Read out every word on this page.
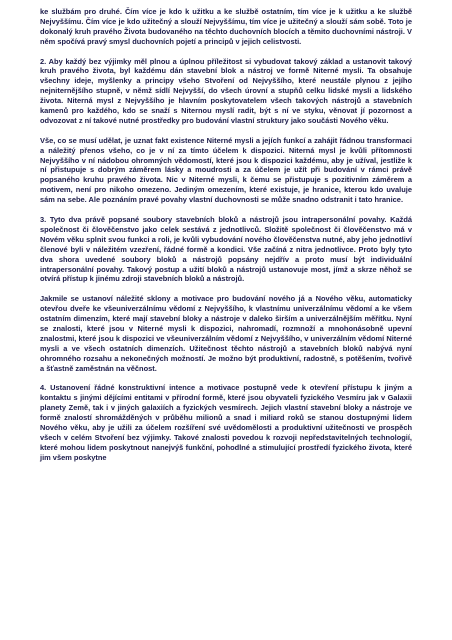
ke službám pro druhé. Čím více je kdo k užitku a ke službě ostatním, tím více je k užitku a ke službě Nejvyššímu. Čím více je kdo užitečný a slouží Nejvyššímu, tím více je užitečný a slouží sám sobě. Toto je dokonalý kruh pravého Života budovaného na těchto duchovních blocích a těmito duchovními nástroji. V něm spočívá pravý smysl duchovních pojetí a principů v jejich celistvosti.

2. Aby každý bez výjimky měl plnou a úplnou příležitost si vybudovat takový základ a ustanovit takový kruh pravého života, byl každému dán stavební blok a nástroj ve formě Niterné mysli. Ta obsahuje všechny ideje, myšlenky a principy všeho Stvoření od Nejvyššího, které neustále plynou z jejího nejniternějšího stupně, v němž sídlí Nejvyšší, do všech úrovní a stupňů celku lidské mysli a lidského života. Niterná mysl z Nejvyššího je hlavním poskytovatelem všech takových nástrojů a stavebních kamenů pro každého, kdo se snaží s Niternou myslí radit, být s ní ve styku, věnovat jí pozornost a odvozovat z ní takové nutné prostředky pro budování vlastní struktury jako součásti Nového věku.

Vše, co se musí udělat, je uznat fakt existence Niterné mysli a jejích funkcí a zahájit řádnou transformaci a náležitý přenos všeho, co je v ní za tímto účelem k dispozici. Niterná mysl je kvůli přítomnosti Nejvyššího v ní nádobou ohromných vědomostí, které jsou k dispozici každému, aby je užíval, jestliže k ní přistupuje s dobrým záměrem lásky a moudrosti a za účelem je užít při budování v rámci právě popsaného kruhu pravého života. Nic v Niterné mysli, k čemu se přistupuje s pozitivním záměrem a motivem, není pro nikoho omezeno. Jediným omezením, které existuje, je hranice, kterou kdo uvaluje sám na sebe. Ale poznáním pravé povahy vlastní duchovnosti se může snadno odstranit i tato hranice.

3. Tyto dva právě popsané soubory stavebních bloků a nástrojů jsou intrapersonální povahy. Každá společnost či člověčenstvo jako celek sestává z jednotlivců. Složitě společnost či člověčenstvo má v Novém věku splnit svou funkci a roli, je kvůli vybudování nového člověčenstva nutné, aby jeho jednotliví členové byli v náležitém vzezření, řádné formě a kondici. Vše začíná z nitra jednotlivce. Proto byly tyto dva shora uvedené soubory bloků a nástrojů popsány nejdřív a proto musí být individuální intrapersonální povahy. Takový postup a užití bloků a nástrojů ustanovuje most, jímž a skrze něhož se otvírá přístup k jinému zdroji stavebních bloků a nástrojů.

Jakmile se ustanoví náležité sklony a motivace pro budování nového já a Nového věku, automaticky otevřou dveře ke všeuniverzálnímu vědomí z Nejvyššího, k vlastnímu univerzálnímu vědomí a ke všem ostatním dimenzím, které mají stavební bloky a nástroje v daleko širším a univerzálnějším měřítku. Nyní se znalosti, které jsou v Niterné mysli k dispozici, nahromadí, rozmnoží a mnohonásobně upevní znalostmi, které jsou k dispozici ve všeuniverzálním vědomí z Nejvyššího, v univerzálním vědomí Niterné mysli a ve všech ostatních dimenzích. Užitečnost těchto nástrojů a stavebních bloků nabývá nyní ohromného rozsahu a nekonečných možností. Je možno být produktivní, radostně, s potěšením, tvořivě a šťastně zaměstnán na věčnost.

4. Ustanovení řádné konstruktivní intence a motivace postupně vede k otevření přístupu k jiným a kontaktu s jinými dějícími entitami v přírodní formě, které jsou obyvateli fyzického Vesmíru jak v Galaxii planety Země, tak i v jiných galaxiích a fyzických vesmírech. Jejich vlastní stavební bloky a nástroje ve formě znalostí shromážděných v průběhu milionů a snad i miliard roků se stanou dostupnými lidem Nového věku, aby je užili za účelem rozšíření své uvědomělosti a produktivní užitečnosti ve prospěch všech v celém Stvoření bez výjimky. Takové znalosti povedou k rozvoji nepředstavitelných technologií, které mohou lidem poskytnout nanejvýš funkční, pohodlné a stimulující prostředí fyzického života, které jim všem poskytne
